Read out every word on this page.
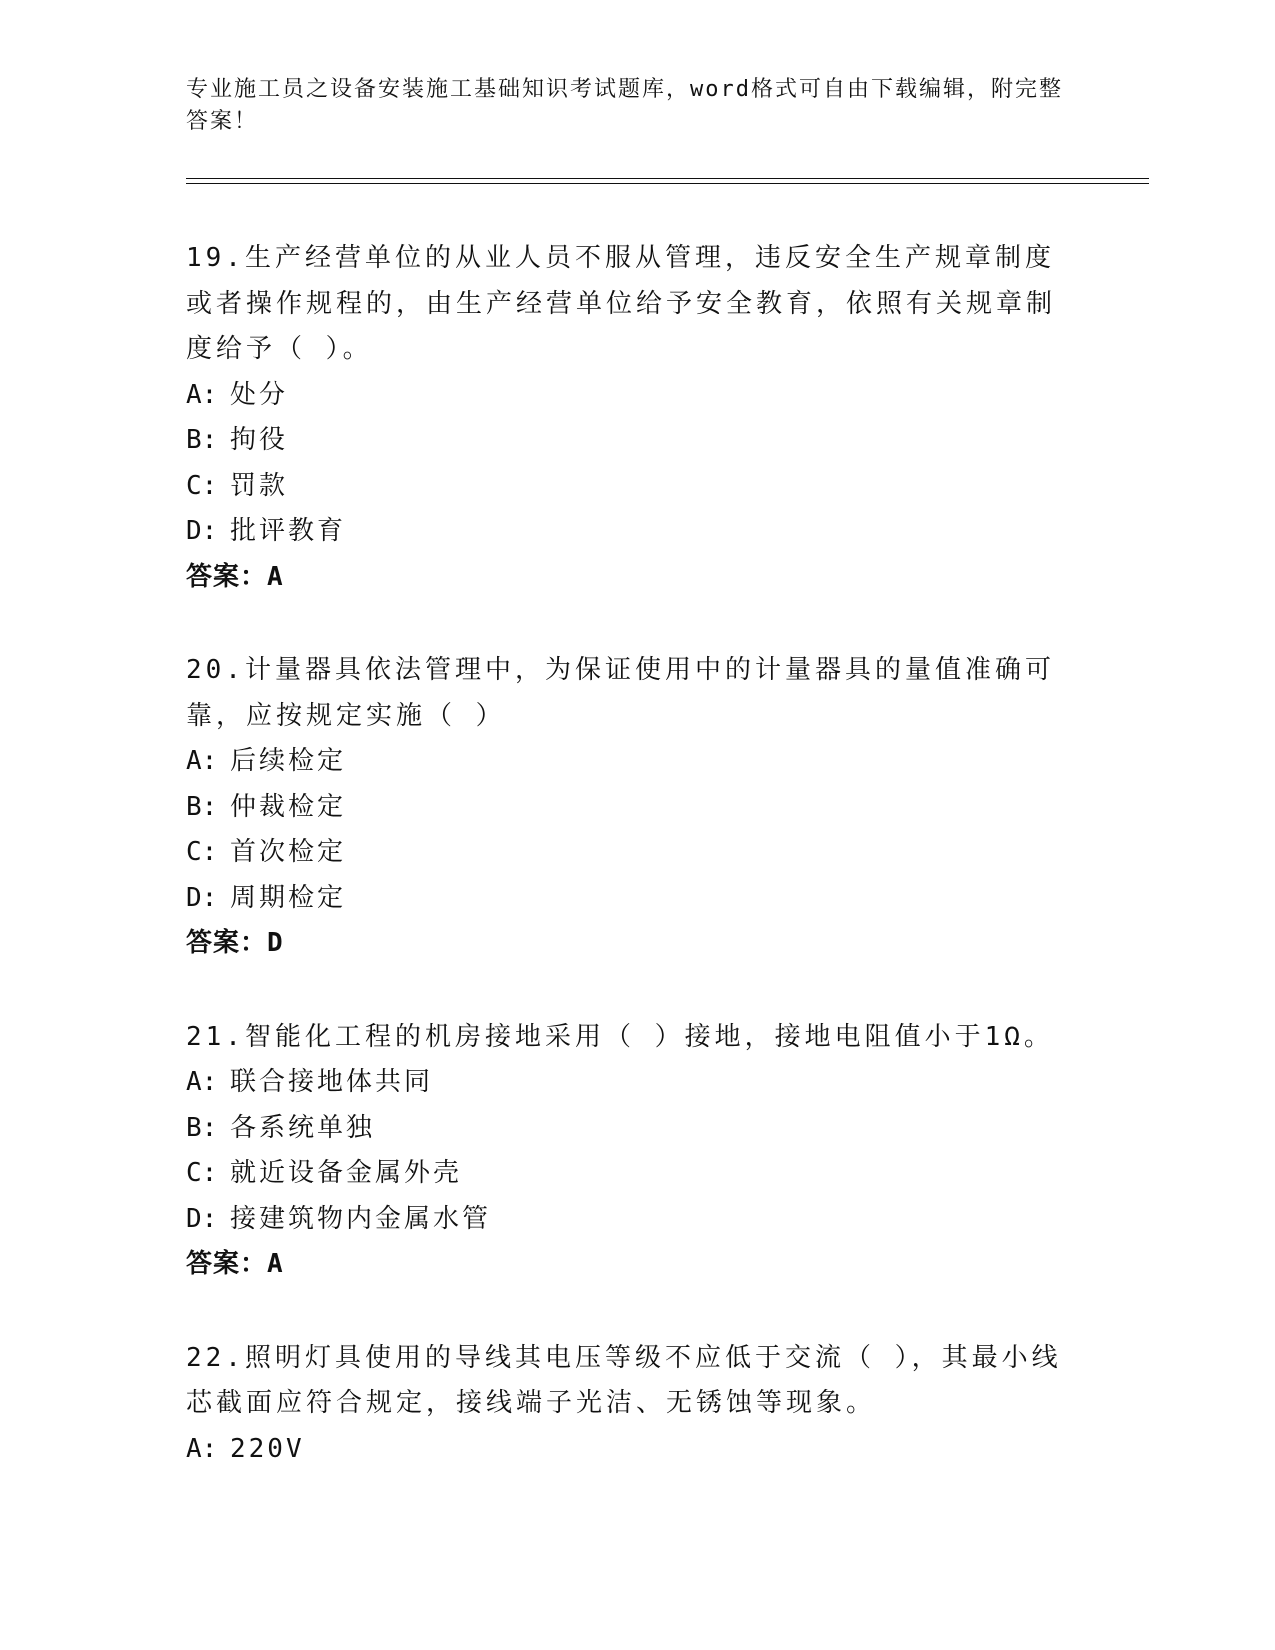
专业施工员之设备安装施工基础知识考试题库，word格式可自由下载编辑，附完整答案！

19.生产经营单位的从业人员不服从管理，违反安全生产规章制度或者操作规程的，由生产经营单位给予安全教育，依照有关规章制度给予（ ）。

A: 处分

B: 拘役

C: 罚款

D: 批评教育

答案：A

20.计量器具依法管理中，为保证使用中的计量器具的量值准确可靠，应按规定实施（ ）

A: 后续检定

B: 仲裁检定

C: 首次检定

D: 周期检定

答案：D

21.智能化工程的机房接地采用（ ）接地，接地电阻值小于1Ω。

A: 联合接地体共同

B: 各系统单独

C: 就近设备金属外壳

D: 接建筑物内金属水管

答案：A

22.照明灯具使用的导线其电压等级不应低于交流（ ），其最小线芯截面应符合规定，接线端子光洁、无锈蚀等现象。

A: 220V
